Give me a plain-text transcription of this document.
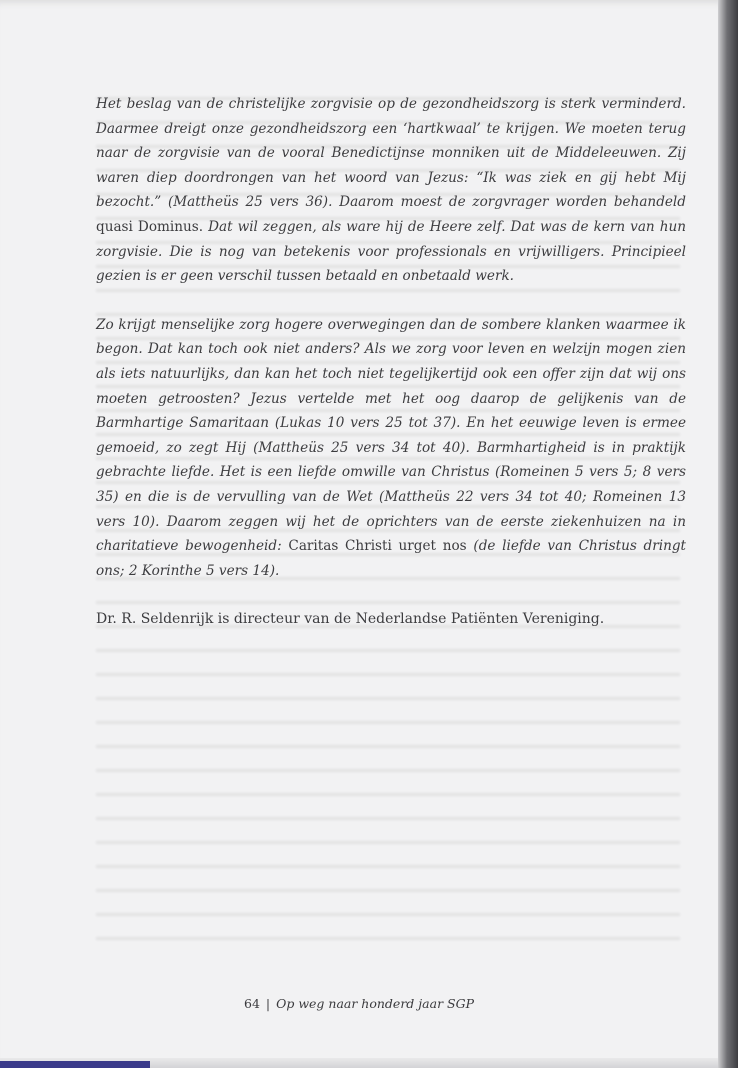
Het beslag van de christelijke zorgvisie op de gezondheidszorg is sterk verminderd. Daarmee dreigt onze gezondheidszorg een ‘hartkwaal’ te krijgen. We moeten terug naar de zorgvisie van de vooral Benedictijnse monniken uit de Middeleeuwen. Zij waren diep doordrongen van het woord van Jezus: “Ik was ziek en gij hebt Mij bezocht.” (Mattheüs 25 vers 36). Daarom moest de zorgvrager worden behandeld quasi Dominus. Dat wil zeggen, als ware hij de Heere zelf. Dat was de kern van hun zorgvisie. Die is nog van betekenis voor professionals en vrijwilligers. Principieel gezien is er geen verschil tussen betaald en onbetaald werk.

Zo krijgt menselijke zorg hogere overwegingen dan de sombere klanken waarmee ik begon. Dat kan toch ook niet anders? Als we zorg voor leven en welzijn mogen zien als iets natuurlijks, dan kan het toch niet tegelijkertijd ook een offer zijn dat wij ons moeten getroosten? Jezus vertelde met het oog daarop de gelijkenis van de Barmhartige Samaritaan (Lukas 10 vers 25 tot 37). En het eeuwige leven is ermee gemoeid, zo zegt Hij (Mattheüs 25 vers 34 tot 40). Barmhartigheid is in praktijk gebrachte liefde. Het is een liefde omwille van Christus (Romeinen 5 vers 5; 8 vers 35) en die is de vervulling van de Wet (Mattheüs 22 vers 34 tot 40; Romeinen 13 vers 10). Daarom zeggen wij het de oprichters van de eerste ziekenhuizen na in charitatieve bewogenheid: Caritas Christi urget nos (de liefde van Christus dringt ons; 2 Korinthe 5 vers 14).

Dr. R. Seldenrijk is directeur van de Nederlandse Patiënten Vereniging.

64 | Op weg naar honderd jaar SGP
